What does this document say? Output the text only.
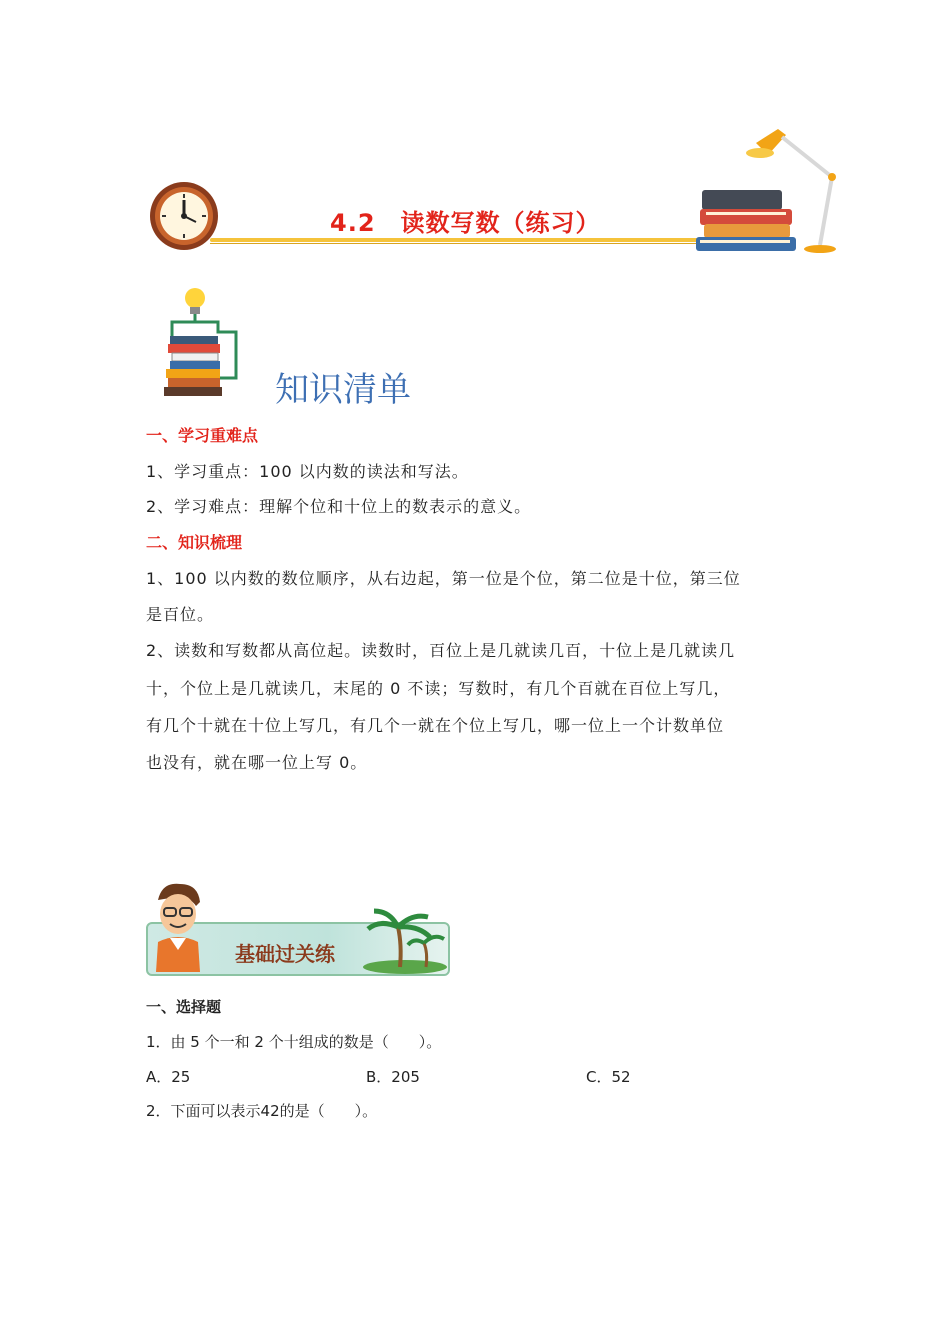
4.2　读数写数（练习）
知识清单
一、学习重难点
1、学习重点：100 以内数的读法和写法。
2、学习难点：理解个位和十位上的数表示的意义。
二、知识梳理
1、100 以内数的数位顺序，从右边起，第一位是个位，第二位是十位，第三位
是百位。
2、读数和写数都从高位起。读数时，百位上是几就读几百，十位上是几就读几
十，个位上是几就读几，末尾的 0 不读；写数时，有几个百就在百位上写几，
有几个十就在十位上写几，有几个一就在个位上写几，哪一位上一个计数单位
也没有，就在哪一位上写 0。
基础过关练
一、选择题
1．由 5 个一和 2 个十组成的数是（　　）。
A．25	B．205	C．52
2．下面可以表示42的是（　　）。
